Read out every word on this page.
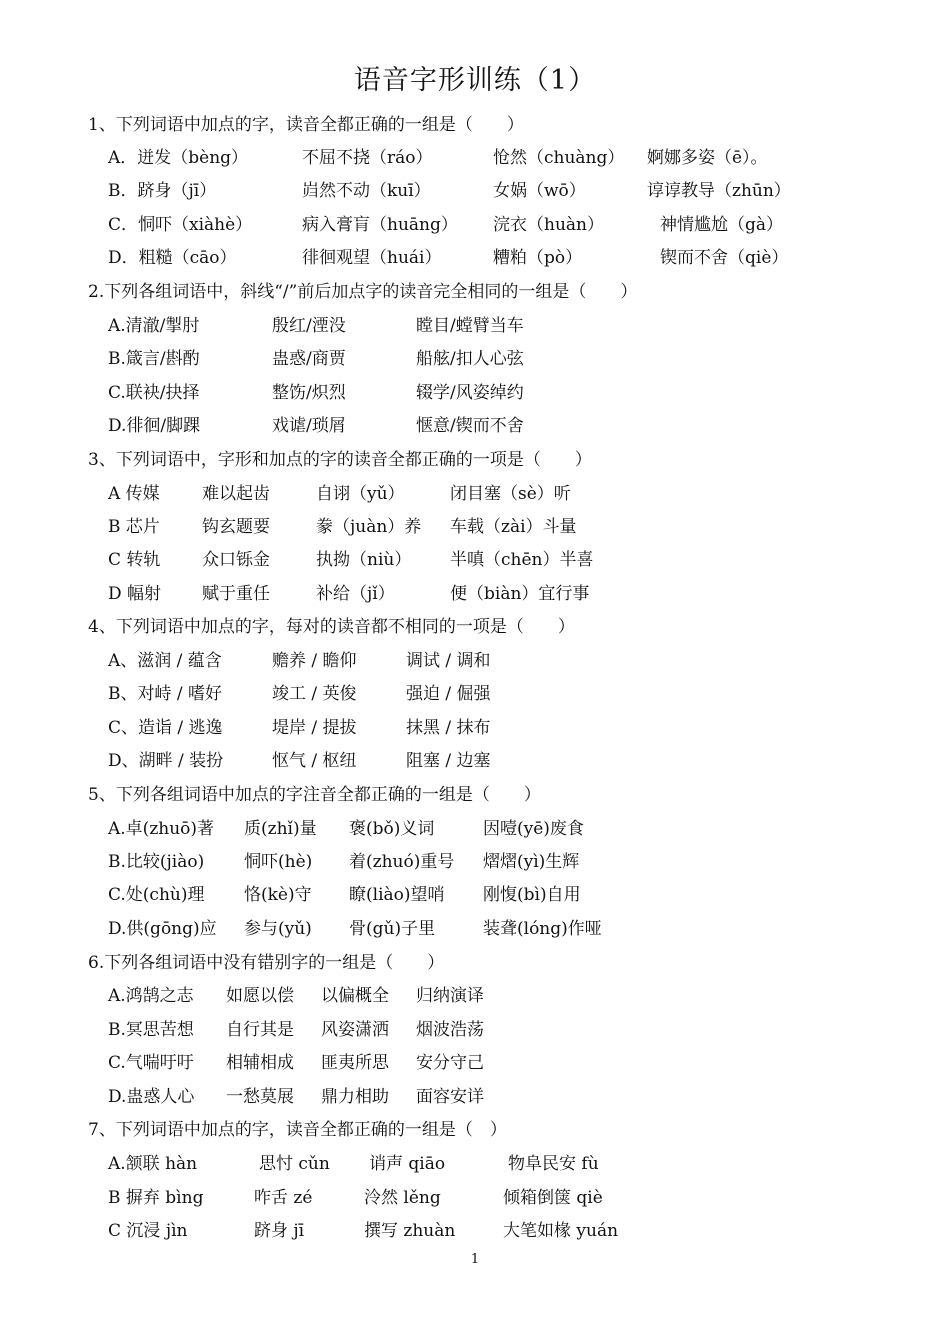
语音字形训练（1）
1、下列词语中加点的字，读音全都正确的一组是（　　）
A．迸发（bèng）	不屈不挠（ráo）	怆然（chuàng） 婀娜多姿（ē）。
B．跻身（jī）	岿然不动（kuī）	女娲（wō）	谆谆教导（zhūn）
C．恫吓（xiàhè）	病入膏肓（huāng） 浣衣（huàn）	神情尴尬（gà）
D．粗糙（cāo）	徘徊观望（huái）	糟粕（pò）	锲而不舍（qiè）
2.下列各组词语中，斜线“/”前后加点字的读音完全相同的一组是（　　）
A.清澈/掣肘	殷红/湮没	瞠目/螳臂当车
B.箴言/斟酌	蛊惑/商贾	船舷/扣人心弦
C.联袂/抉择	整饬/炽烈	辍学/风姿绰约
D.徘徊/脚踝	戏谑/琐屑	惬意/锲而不舍
3、下列词语中，字形和加点的字的读音全都正确的一项是（　　）
A 传媒 难以起齿	自诩（yǔ）	闭目塞（sè）听
B 芯片 钩玄题要	豢（juàn）养 车载（zài）斗量
C 转轨 众口铄金	执拗（niù） 半嗔（chēn）半喜
D 幅射 赋于重任	补给（jǐ）	便（biàn）宜行事
4、下列词语中加点的字，每对的读音都不相同的一项是（　　）
A、滋润 / 蕴含	赡养 / 瞻仰	调试 / 调和
B、对峙 / 嗜好	竣工 / 英俊	强迫 / 倔强
C、造诣 / 逃逸	堤岸 / 提拔	抹黑 / 抹布
D、湖畔 / 装扮	怄气 / 枢纽	阻塞 / 边塞
5、下列各组词语中加点的字注音全都正确的一组是（　　）
A.卓(zhuō)著 质(zhǐ)量 褒(bǒ)义词	因噎(yē)废食
B.比较(jiào) 恫吓(hè) 着(zhuó)重号 熠熠(yì)生辉
C.处(chù)理 恪(kè)守 瞭(liào)望哨 刚愎(bì)自用
D.供(gōng)应 参与(yǔ) 骨(gǔ)子里	装聋(lóng)作哑
6.下列各组词语中没有错别字的一组是（　　）
A.鸿鹄之志 如愿以偿 以偏概全 归纳演译
B.冥思苦想 自行其是 风姿潇洒 烟波浩荡
C.气喘吁吁 相辅相成 匪夷所思 安分守己
D.蛊惑人心 一愁莫展 鼎力相助 面容安详
7、下列词语中加点的字，读音全都正确的一组是（　）
A.颔联 hàn	思忖 cǔn 诮声 qiāo	物阜民安 fù
B 摒弃 bìng	咋舌 zé	泠然 lěng	倾箱倒箧 qiè
C 沉浸 jìn	跻身 jī	撰写 zhuàn	大笔如椽 yuán
1
